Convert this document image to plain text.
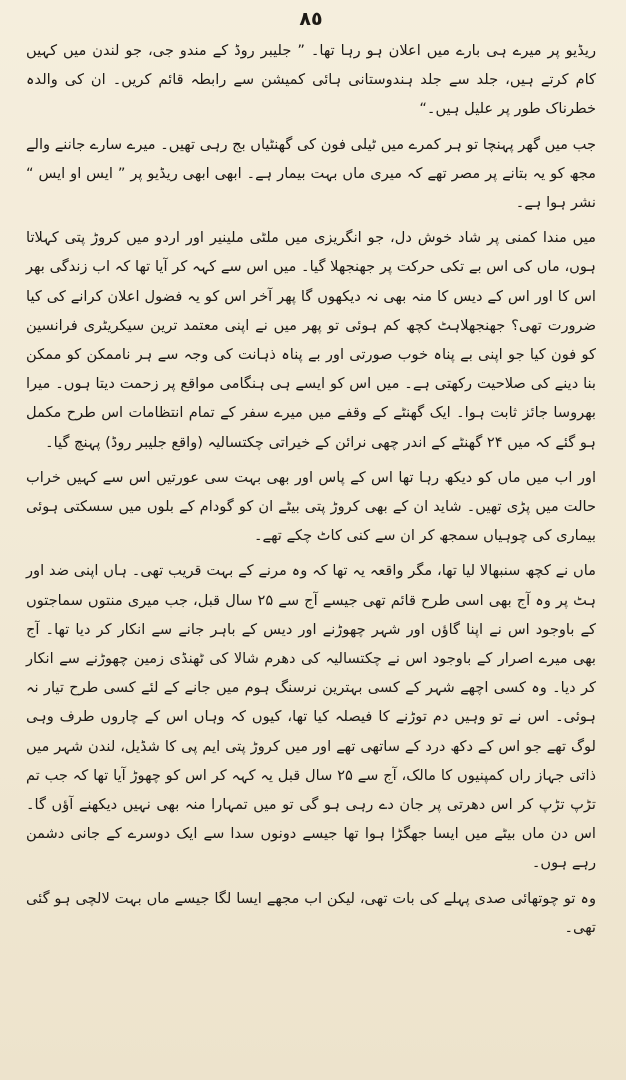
٨٥

ریڈیو پر میرے ہی بارے میں اعلان ہو رہا تھا۔ ” جلیبر روڈ کے مندو جی، جو لندن میں کہیں کام کرتے ہیں، جلد سے جلد ہندوستانی ہائی کمیشن سے رابطہ قائم کریں۔ ان کی والدہ خطرناک طور پر علیل ہیں۔“

جب میں گھر پہنچا تو ہر کمرے میں ٹیلی فون کی گھنٹیاں بج رہی تھیں۔ میرے سارے جاننے والے مجھ کو یہ بتانے پر مصر تھے کہ میری ماں بہت بیمار ہے۔ ابھی ابھی ریڈیو پر ” ایس او ایس “ نشر ہوا ہے۔

میں مندا کمنی پر شاد خوش دل، جو انگریزی میں ملٹی ملینیر اور اردو میں کروڑ پتی کہلاتا ہوں، ماں کی اس بے تکی حرکت پر جھنجھلا گیا۔ میں اس سے کہہ کر آیا تھا کہ اب زندگی بھر اس کا اور اس کے دیس کا منہ بھی نہ دیکھوں گا پھر آخر اس کو یہ فضول اعلان کرانے کی کیا ضرورت تھی؟ جھنجھلاہٹ کچھ کم ہوئی تو پھر میں نے اپنی معتمد ترین سیکریٹری فرانسین کو فون کیا جو اپنی بے پناہ خوب صورتی اور بے پناہ ذہانت کی وجہ سے ہر ناممکن کو ممکن بنا دینے کی صلاحیت رکھتی ہے۔ میں اس کو ایسے ہی ہنگامی مواقع پر زحمت دیتا ہوں۔ میرا بھروسا جائز ثابت ہوا۔ ایک گھنٹے کے وقفے میں میرے سفر کے تمام انتظامات اس طرح مکمل ہو گئے کہ میں ۲۴ گھنٹے کے اندر چھی نرائن کے خیراتی چکتسالیہ (واقع جلیبر روڈ) پہنچ گیا۔

اور اب میں ماں کو دیکھ رہا تھا اس کے پاس اور بھی بہت سی عورتیں اس سے کہیں خراب حالت میں پڑی تھیں۔ شاید ان کے بھی کروڑ پتی بیٹے ان کو گودام کے بلوں میں سسکتی ہوئی بیماری کی چوہیاں سمجھ کر ان سے کنی کاٹ چکے تھے۔

ماں نے کچھ سنبھالا لیا تھا، مگر واقعہ یہ تھا کہ وہ مرنے کے بہت قریب تھی۔ ہاں اپنی ضد اور ہٹ پر وہ آج بھی اسی طرح قائم تھی جیسے آج سے ۲۵ سال قبل، جب میری منتوں سماجتوں کے باوجود اس نے اپنا گاؤں اور شہر چھوڑنے اور دیس کے باہر جانے سے انکار کر دیا تھا۔ آج بھی میرے اصرار کے باوجود اس نے چکتسالیہ کی دھرم شالا کی ٹھنڈی زمین چھوڑنے سے انکار کر دیا۔ وہ کسی اچھے شہر کے کسی بہترین نرسنگ ہوم میں جانے کے لئے کسی طرح تیار نہ ہوئی۔ اس نے تو وہیں دم توڑنے کا فیصلہ کیا تھا، کیوں کہ وہاں اس کے چاروں طرف وہی لوگ تھے جو اس کے دکھ درد کے ساتھی تھے اور میں کروڑ پتی ایم پی کا شڈیل، لندن شہر میں ذاتی جہاز راں کمپنیوں کا مالک، آج سے ۲۵ سال قبل یہ کہہ کر اس کو چھوڑ آیا تھا کہ جب تم تڑپ تڑپ کر اس دھرتی پر جان دے رہی ہو گی تو میں تمہارا منہ بھی نہیں دیکھنے آؤں گا۔ اس دن ماں بیٹے میں ایسا جھگڑا ہوا تھا جیسے دونوں سدا سے ایک دوسرے کے جانی دشمن رہے ہوں۔

وہ تو چوتھائی صدی پہلے کی بات تھی، لیکن اب مجھے ایسا لگا جیسے ماں بہت لالچی ہو گئی تھی۔
